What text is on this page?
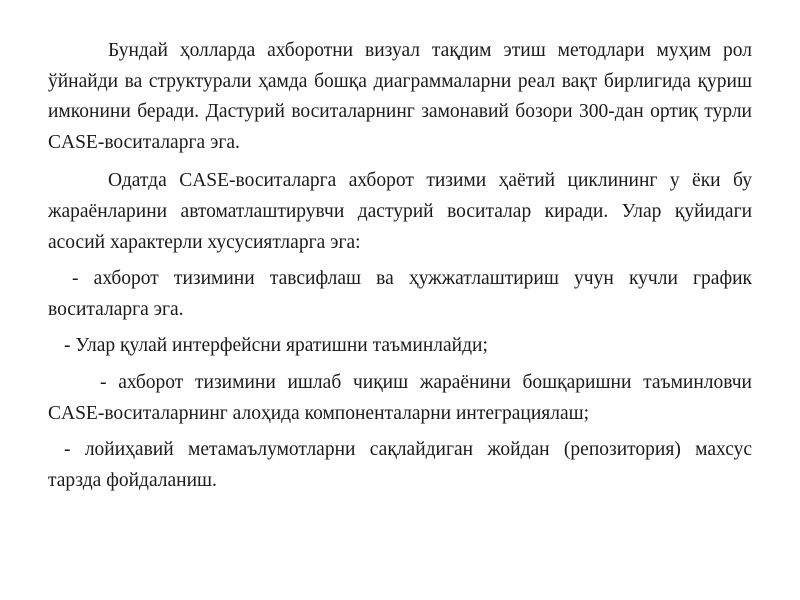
Бундай ҳолларда ахборотни визуал тақдим этиш методлари муҳим рол ўйнайди ва структурали ҳамда бошқа диаграммаларни реал вақт бирлигида қуриш имконини беради. Дастурий воситаларнинг замонавий бозори 300-дан ортиқ турли CASE-воситаларга эга.

Одатда CASE-воситаларга ахборот тизими ҳаётий циклининг у ёки бу жараёнларини автоматлаштирувчи дастурий воситалар киради. Улар қуйидаги асосий характерли хусусиятларга эга:

- ахборот тизимини тавсифлаш ва ҳужжатлаштириш учун кучли график воситаларга эга.

- Улар қулай интерфейсни яратишни таъминлайди;

- ахборот тизимини ишлаб чиқиш жараёнини бошқаришни таъминловчи CASE-воситаларнинг алоҳида компоненталарни интеграциялаш;

- лойиҳавий метамаълумотларни сақлайдиган жойдан (репозитория) махсус тарзда фойдаланиш.
